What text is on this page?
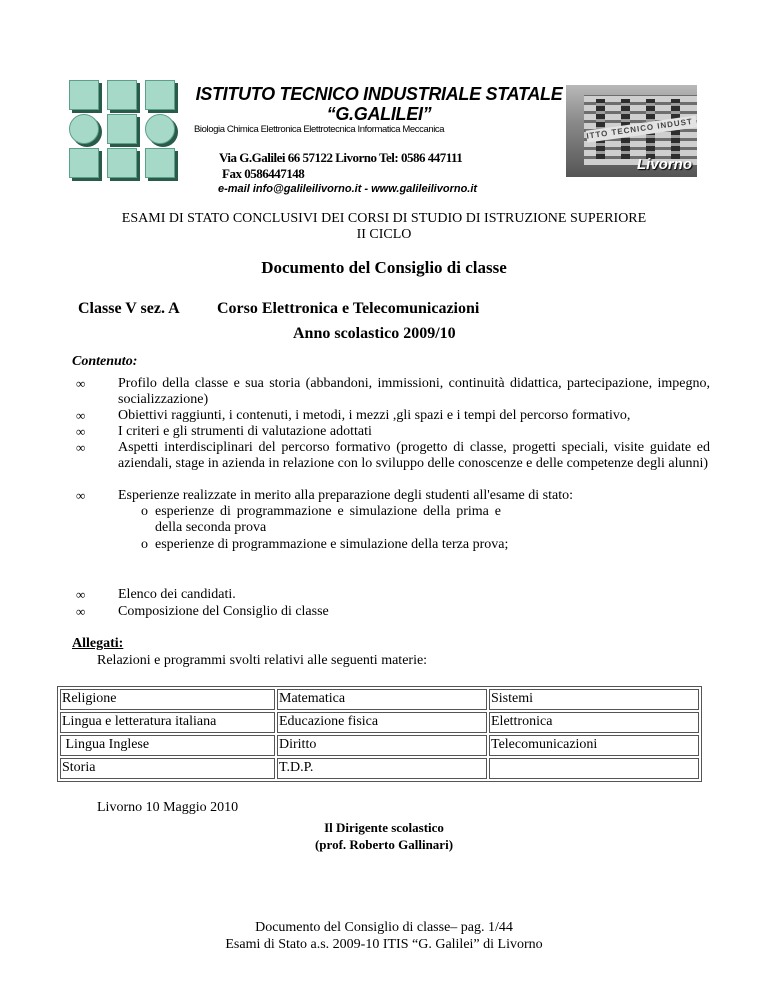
ISTITUTO TECNICO INDUSTRIALE STATALE
“G.GALILEI”
Biologia Chimica Elettronica Elettrotecnica Informatica Meccanica
Via G.Galilei 66 57122 Livorno Tel: 0586 447111
Fax 0586447148
e-mail info@galileilivorno.it - www.galileilivorno.it
ITTO TECNICO INDUST
Livorno
ESAMI DI STATO CONCLUSIVI DEI CORSI DI STUDIO DI ISTRUZIONE SUPERIORE
II CICLO
Documento del Consiglio di classe
Classe V sez. A Corso Elettronica e Telecomunicazioni
Anno scolastico 2009/10
Contenuto:
∞ Profilo della classe e sua storia (abbandoni, immissioni, continuità didattica, partecipazione, impegno, socializzazione)
∞ Obiettivi raggiunti, i contenuti, i metodi, i mezzi ,gli spazi e i tempi del percorso formativo,
∞ I criteri e gli strumenti di valutazione adottati
∞ Aspetti interdisciplinari del percorso formativo (progetto di classe, progetti speciali, visite guidate ed aziendali, stage in azienda in relazione con lo sviluppo delle conoscenze e delle competenze degli alunni)
∞ Esperienze realizzate in merito alla preparazione degli studenti all'esame di stato:
o esperienze di programmazione e simulazione della prima e della seconda prova
o esperienze di programmazione e simulazione della terza prova;
∞ Elenco dei candidati.
∞ Composizione del Consiglio di classe
Allegati:
Relazioni e programmi svolti relativi alle seguenti materie:
Religione	Matematica	Sistemi
Lingua e letteratura italiana	Educazione fisica	Elettronica
Lingua Inglese	Diritto	Telecomunicazioni
Storia	T.D.P.	
Livorno 10 Maggio 2010
Il Dirigente scolastico
(prof. Roberto Gallinari)
Documento del Consiglio di classe– pag. 1/44
Esami di Stato a.s. 2009-10 ITIS “G. Galilei” di Livorno
